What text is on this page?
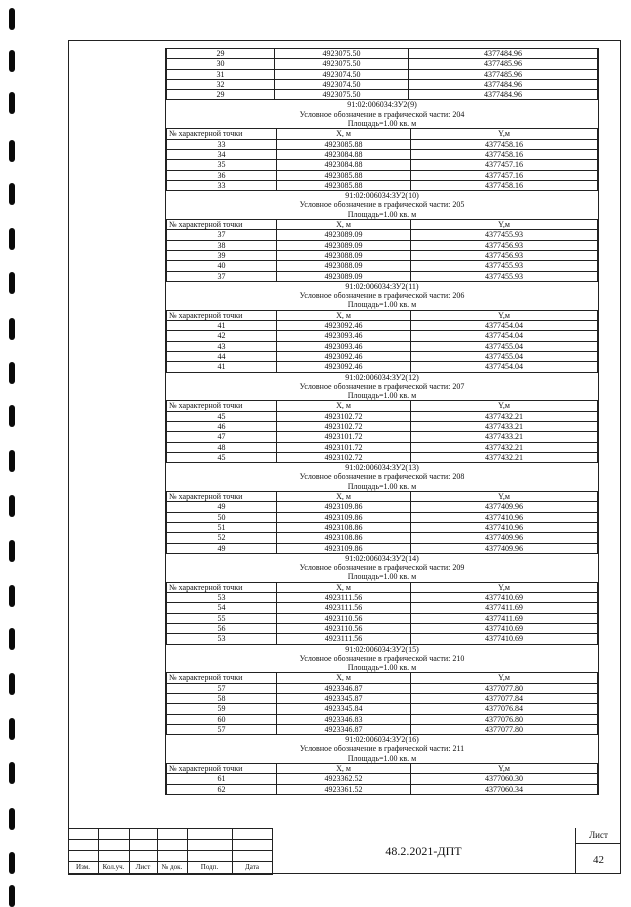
29	4923075.50	4377484.96
30	4923075.50	4377485.96
31	4923074.50	4377485.96
32	4923074.50	4377484.96
29	4923075.50	4377484.96
91:02:006034:ЗУ2(9)
Условное обозначение в графической части: 204
Площадь=1.00 кв. м
№ характерной точки	X, м	Y,м
33	4923085.88	4377458.16
34	4923084.88	4377458.16
35	4923084.88	4377457.16
36	4923085.88	4377457.16
33	4923085.88	4377458.16
91:02:006034:ЗУ2(10)
Условное обозначение в графической части: 205
Площадь=1.00 кв. м
№ характерной точки	X, м	Y,м
37	4923089.09	4377455.93
38	4923089.09	4377456.93
39	4923088.09	4377456.93
40	4923088.09	4377455.93
37	4923089.09	4377455.93
91:02:006034:ЗУ2(11)
Условное обозначение в графической части: 206
Площадь=1.00 кв. м
№ характерной точки	X, м	Y,м
41	4923092.46	4377454.04
42	4923093.46	4377454.04
43	4923093.46	4377455.04
44	4923092.46	4377455.04
41	4923092.46	4377454.04
91:02:006034:ЗУ2(12)
Условное обозначение в графической части: 207
Площадь=1.00 кв. м
№ характерной точки	X, м	Y,м
45	4923102.72	4377432.21
46	4923102.72	4377433.21
47	4923101.72	4377433.21
48	4923101.72	4377432.21
45	4923102.72	4377432.21
91:02:006034:ЗУ2(13)
Условное обозначение в графической части: 208
Площадь=1.00 кв. м
№ характерной точки	X, м	Y,м
49	4923109.86	4377409.96
50	4923109.86	4377410.96
51	4923108.86	4377410.96
52	4923108.86	4377409.96
49	4923109.86	4377409.96
91:02:006034:ЗУ2(14)
Условное обозначение в графической части: 209
Площадь=1.00 кв. м
№ характерной точки	X, м	Y,м
53	4923111.56	4377410.69
54	4923111.56	4377411.69
55	4923110.56	4377411.69
56	4923110.56	4377410.69
53	4923111.56	4377410.69
91:02:006034:ЗУ2(15)
Условное обозначение в графической части: 210
Площадь=1.00 кв. м
№ характерной точки	X, м	Y,м
57	4923346.87	4377077.80
58	4923345.87	4377077.84
59	4923345.84	4377076.84
60	4923346.83	4377076.80
57	4923346.87	4377077.80
91:02:006034:ЗУ2(16)
Условное обозначение в графической части: 211
Площадь=1.00 кв. м
№ характерной точки	X, м	Y,м
61	4923362.52	4377060.30
62	4923361.52	4377060.34
Изм.	Кол.уч.	Лист	№ док.	Подп.	Дата
48.2.2021-ДПТ
Лист
42
